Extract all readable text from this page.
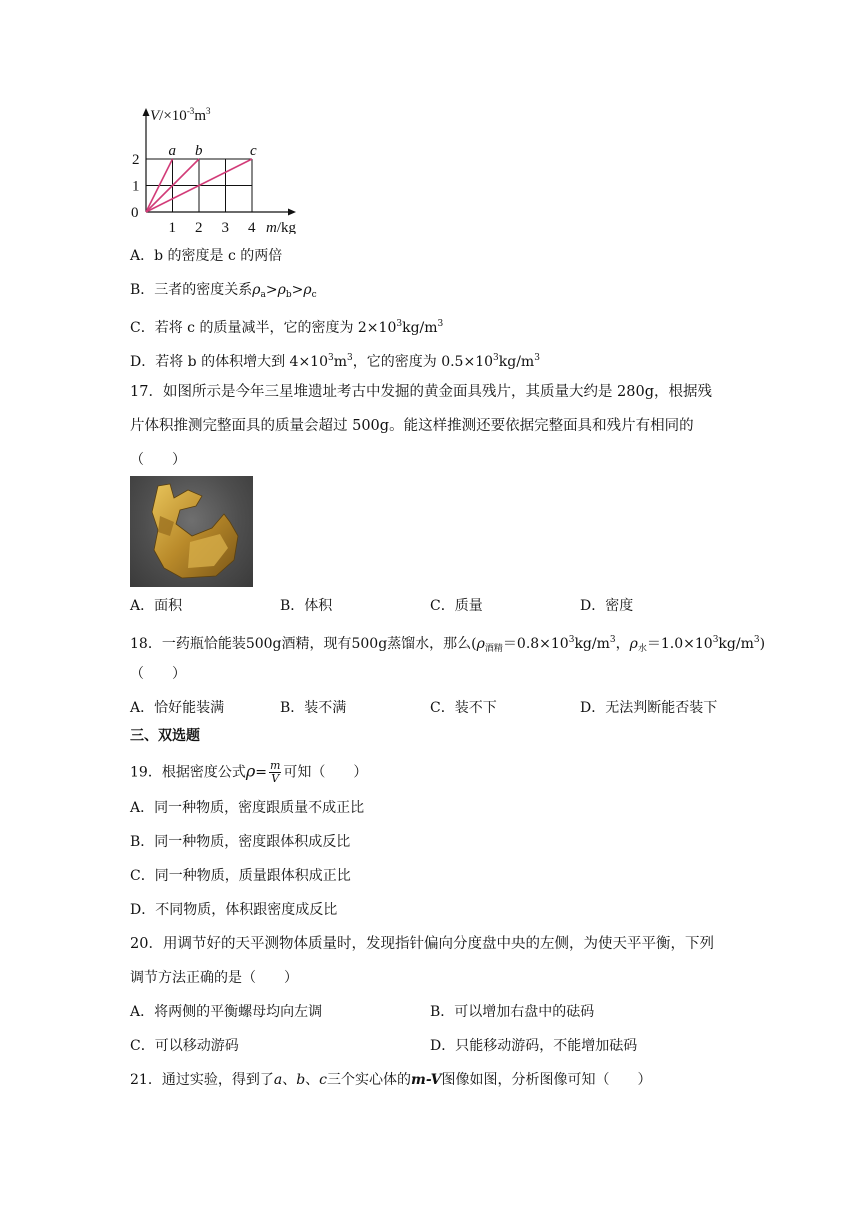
a b	c
0
1
2
1 2 3 4
$V/\times 10^{-3}m^3$
m/kg
A．b 的密度是 c 的两倍
B．三者的密度关系$\rho_a>\rho_b>\rho_c$
C．若将 c 的质量减半，它的密度为 $2\times 10^3kg/m^3$
D．若将 b 的体积增大到 $4\times 10^3m^3$，它的密度为 $0.5\times 10^3kg/m^3$
17．如图所示是今年三星堆遗址考古中发掘的黄金面具残片，其质量大约是 280g，根据残
片体积推测完整面具的质量会超过 500g。能这样推测还要依据完整面具和残片有相同的
（　　）
A．面积	B．体积	C．质量	D．密度
18．一药瓶恰能装500g酒精，现有500g蒸馏水，那么($\rho_{酒精}=0.8\times 10^3kg/m^3$，$\rho_水=1.0\times 10^3kg/m^3$)
（　　）
A．恰好能装满	B．装不满	C．装不下	D．无法判断能否装下
三、双选题
19．根据密度公式$\rho= \frac{m}{V}$ 可知（　　）
A．同一种物质，密度跟质量不成正比
B．同一种物质，密度跟体积成反比
C．同一种物质，质量跟体积成正比
D．不同物质，体积跟密度成反比
20．用调节好的天平测物体质量时，发现指针偏向分度盘中央的左侧，为使天平平衡，下列
调节方法正确的是（　　）
A．将两侧的平衡螺母均向左调	B．可以增加右盘中的砝码
C．可以移动游码	D．只能移动游码，不能增加砝码
21．通过实验，得到了a、b、c三个实心体的m-V图像如图，分析图像可知（　　）
